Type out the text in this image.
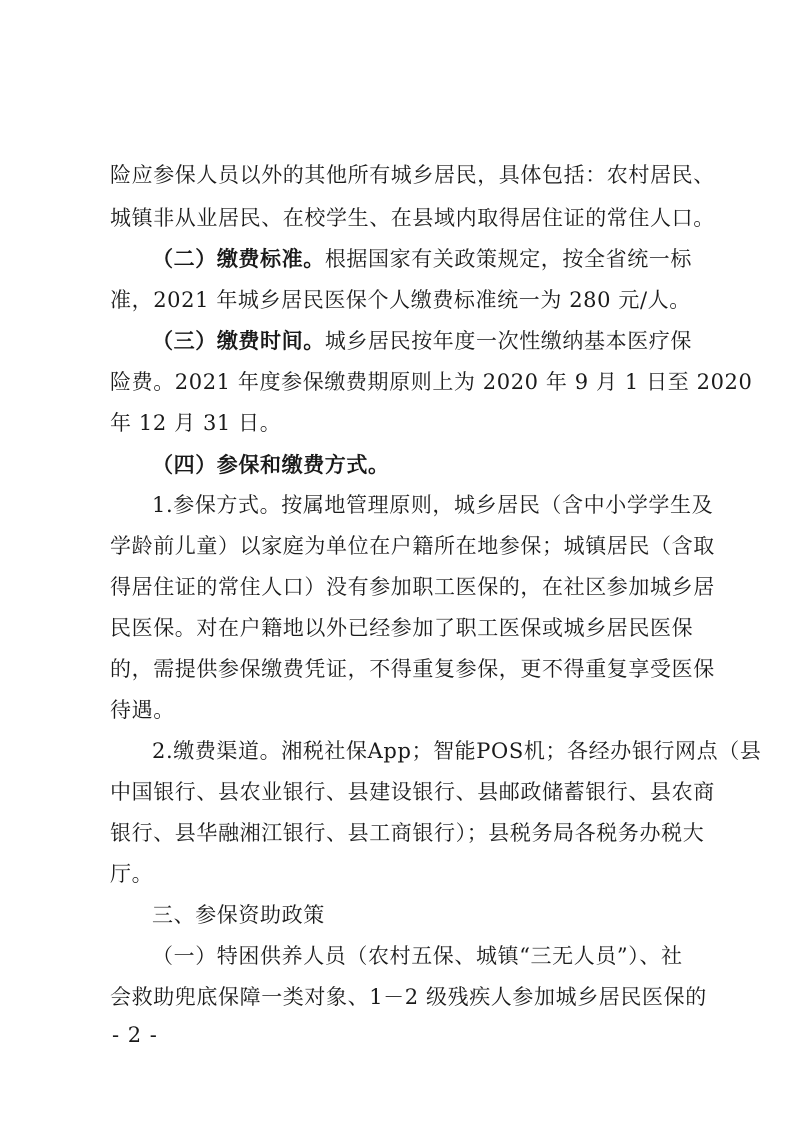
险应参保人员以外的其他所有城乡居民，具体包括：农村居民、
城镇非从业居民、在校学生、在县域内取得居住证的常住人口。
（二）缴费标准。根据国家有关政策规定，按全省统一标
准，2021 年城乡居民医保个人缴费标准统一为 280 元/人。
（三）缴费时间。城乡居民按年度一次性缴纳基本医疗保
险费。2021 年度参保缴费期原则上为 2020 年 9 月 1 日至 2020
年 12 月 31 日。
（四）参保和缴费方式。
1.参保方式。按属地管理原则，城乡居民（含中小学学生及
学龄前儿童）以家庭为单位在户籍所在地参保；城镇居民（含取
得居住证的常住人口）没有参加职工医保的，在社区参加城乡居
民医保。对在户籍地以外已经参加了职工医保或城乡居民医保
的，需提供参保缴费凭证，不得重复参保，更不得重复享受医保
待遇。
2.缴费渠道。湘税社保App；智能POS机；各经办银行网点（县
中国银行、县农业银行、县建设银行、县邮政储蓄银行、县农商
银行、县华融湘江银行、县工商银行）；县税务局各税务办税大
厅。
三、参保资助政策
（一）特困供养人员（农村五保、城镇“三无人员”）、社
会救助兜底保障一类对象、1－2 级残疾人参加城乡居民医保的
- 2 -
